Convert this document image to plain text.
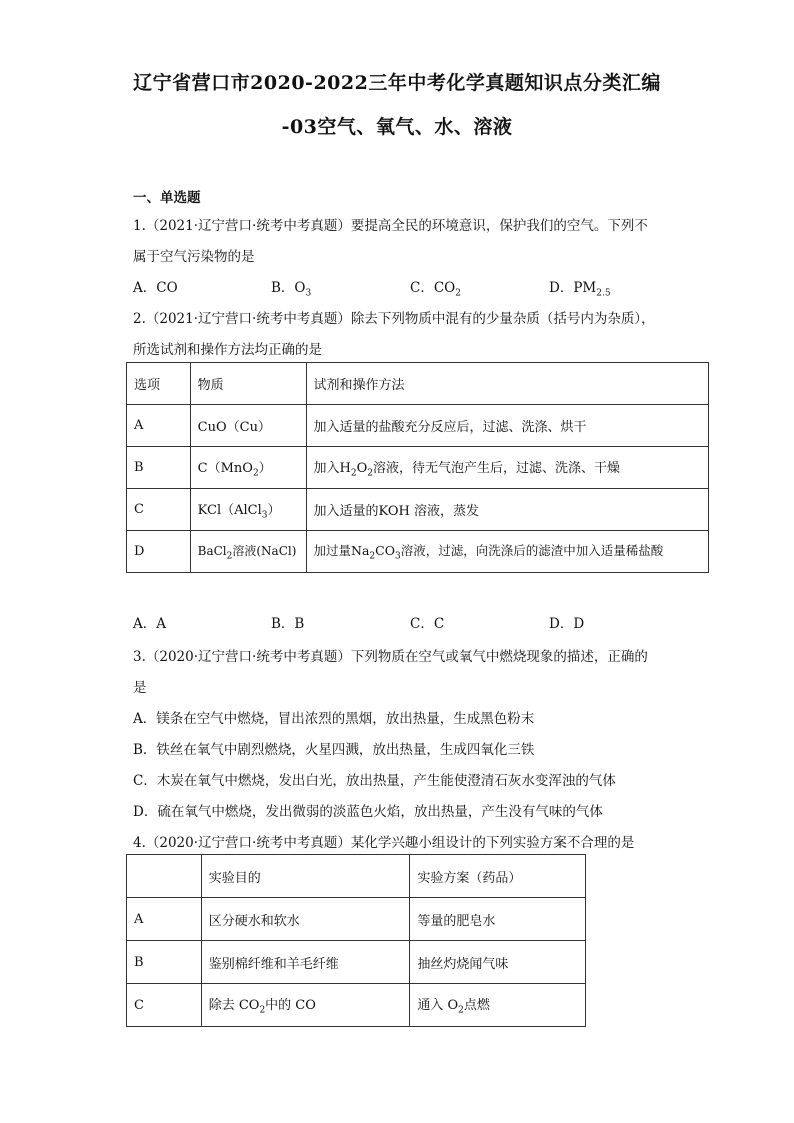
辽宁省营口市2020-2022三年中考化学真题知识点分类汇编
-03空气、氧气、水、溶液
一、单选题
1.（2021·辽宁营口·统考中考真题）要提高全民的环境意识，保护我们的空气。下列不
属于空气污染物的是
A．CO	B．$O_3$	C．$CO_2$	D．$PM_{2.5}$
2.（2021·辽宁营口·统考中考真题）除去下列物质中混有的少量杂质（括号内为杂质），
所选试剂和操作方法均正确的是
选项	物质	试剂和操作方法
A	CuO（Cu）	加入适量的盐酸充分反应后，过滤、洗涤、烘干
B	C（MnO$_2$）	加入$H_2O_2$溶液，待无气泡产生后，过滤、洗涤、干燥
C	KCl（AlCl$_3$）	加入适量的KOH 溶液，蒸发
D	BaCl$_2$溶液(NaCl)	加过量$Na_2CO_3$溶液，过滤，向洗涤后的滤渣中加入适量稀盐酸
A．A	B．B	C．C	D．D
3.（2020·辽宁营口·统考中考真题）下列物质在空气或氧气中燃烧现象的描述，正确的
是
A．镁条在空气中燃烧，冒出浓烈的黑烟，放出热量，生成黑色粉末
B．铁丝在氧气中剧烈燃烧，火星四溅，放出热量，生成四氧化三铁
C．木炭在氧气中燃烧，发出白光，放出热量，产生能使澄清石灰水变浑浊的气体
D．硫在氧气中燃烧，发出微弱的淡蓝色火焰，放出热量，产生没有气味的气体
4.（2020·辽宁营口·统考中考真题）某化学兴趣小组设计的下列实验方案不合理的是
	实验目的	实验方案（药品）
A	区分硬水和软水	等量的肥皂水
B	鉴别棉纤维和羊毛纤维	抽丝灼烧闻气味
C	除去 $CO_2$中的 CO	通入 $O_2$点燃
